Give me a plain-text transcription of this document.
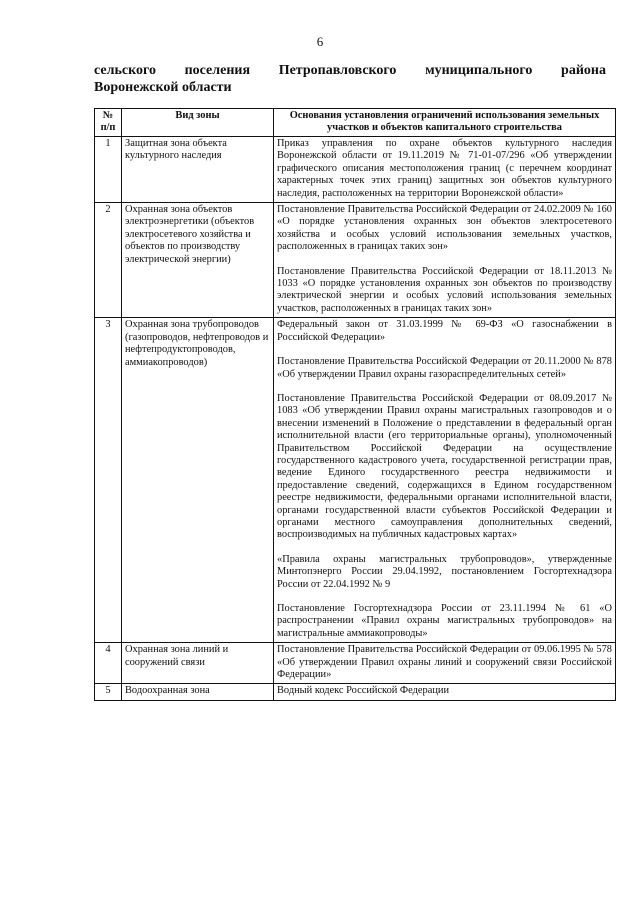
6
сельского поселения Петропавловского муниципального района
Воронежской области
№ п/п	Вид зоны	Основания установления ограничений использования земельных участков и объектов капитального строительства
1	Защитная зона объекта культурного наследия	Приказ управления по охране объектов культурного наследия Воронежской области от 19.11.2019 № 71-01-07/296 «Об утверждении графического описания местоположения границ (с перечнем координат характерных точек этих границ) защитных зон объектов культурного наследия, расположенных на территории Воронежской области»

2	Охранная зона объектов электроэнергетики (объектов электросетевого хозяйства и объектов по производству электрической энергии)	Постановление Правительства Российской Федерации от 24.02.2009 № 160 «О порядке установления охранных зон объектов электросетевого хозяйства и особых условий использования земельных участков, расположенных в границах таких зон»

Постановление Правительства Российской Федерации от 18.11.2013 № 1033 «О порядке установления охранных зон объектов по производству электрической энергии и особых условий использования земельных участков, расположенных в границах таких зон»

3	Охранная зона трубопроводов (газопроводов, нефтепроводов и нефтепродуктопроводов, аммиакопроводов)	Федеральный закон от 31.03.1999 № 69-ФЗ «О газоснабжении в Российской Федерации»

Постановление Правительства Российской Федерации от 20.11.2000 № 878 «Об утверждении Правил охраны газораспределительных сетей»

Постановление Правительства Российской Федерации от 08.09.2017 № 1083 «Об утверждении Правил охраны магистральных газопроводов и о внесении изменений в Положение о представлении в федеральный орган исполнительной власти (его территориальные органы), уполномоченный Правительством Российской Федерации на осуществление государственного кадастрового учета, государственной регистрации прав, ведение Единого государственного реестра недвижимости и предоставление сведений, содержащихся в Едином государственном реестре недвижимости, федеральными органами исполнительной власти, органами государственной власти субъектов Российской Федерации и органами местного самоуправления дополнительных сведений, воспроизводимых на публичных кадастровых картах»

«Правила охраны магистральных трубопроводов», утвержденные Минтопэнерго России 29.04.1992, постановлением Госгортехнадзора России от 22.04.1992 № 9

Постановление Госгортехнадзора России от 23.11.1994 № 61 «О распространении «Правил охраны магистральных трубопроводов» на магистральные аммиакопроводы»

4	Охранная зона линий и сооружений связи	Постановление Правительства Российской Федерации от 09.06.1995 № 578 «Об утверждении Правил охраны линий и сооружений связи Российской Федерации»

5	Водоохранная зона	Водный кодекс Российской Федерации
